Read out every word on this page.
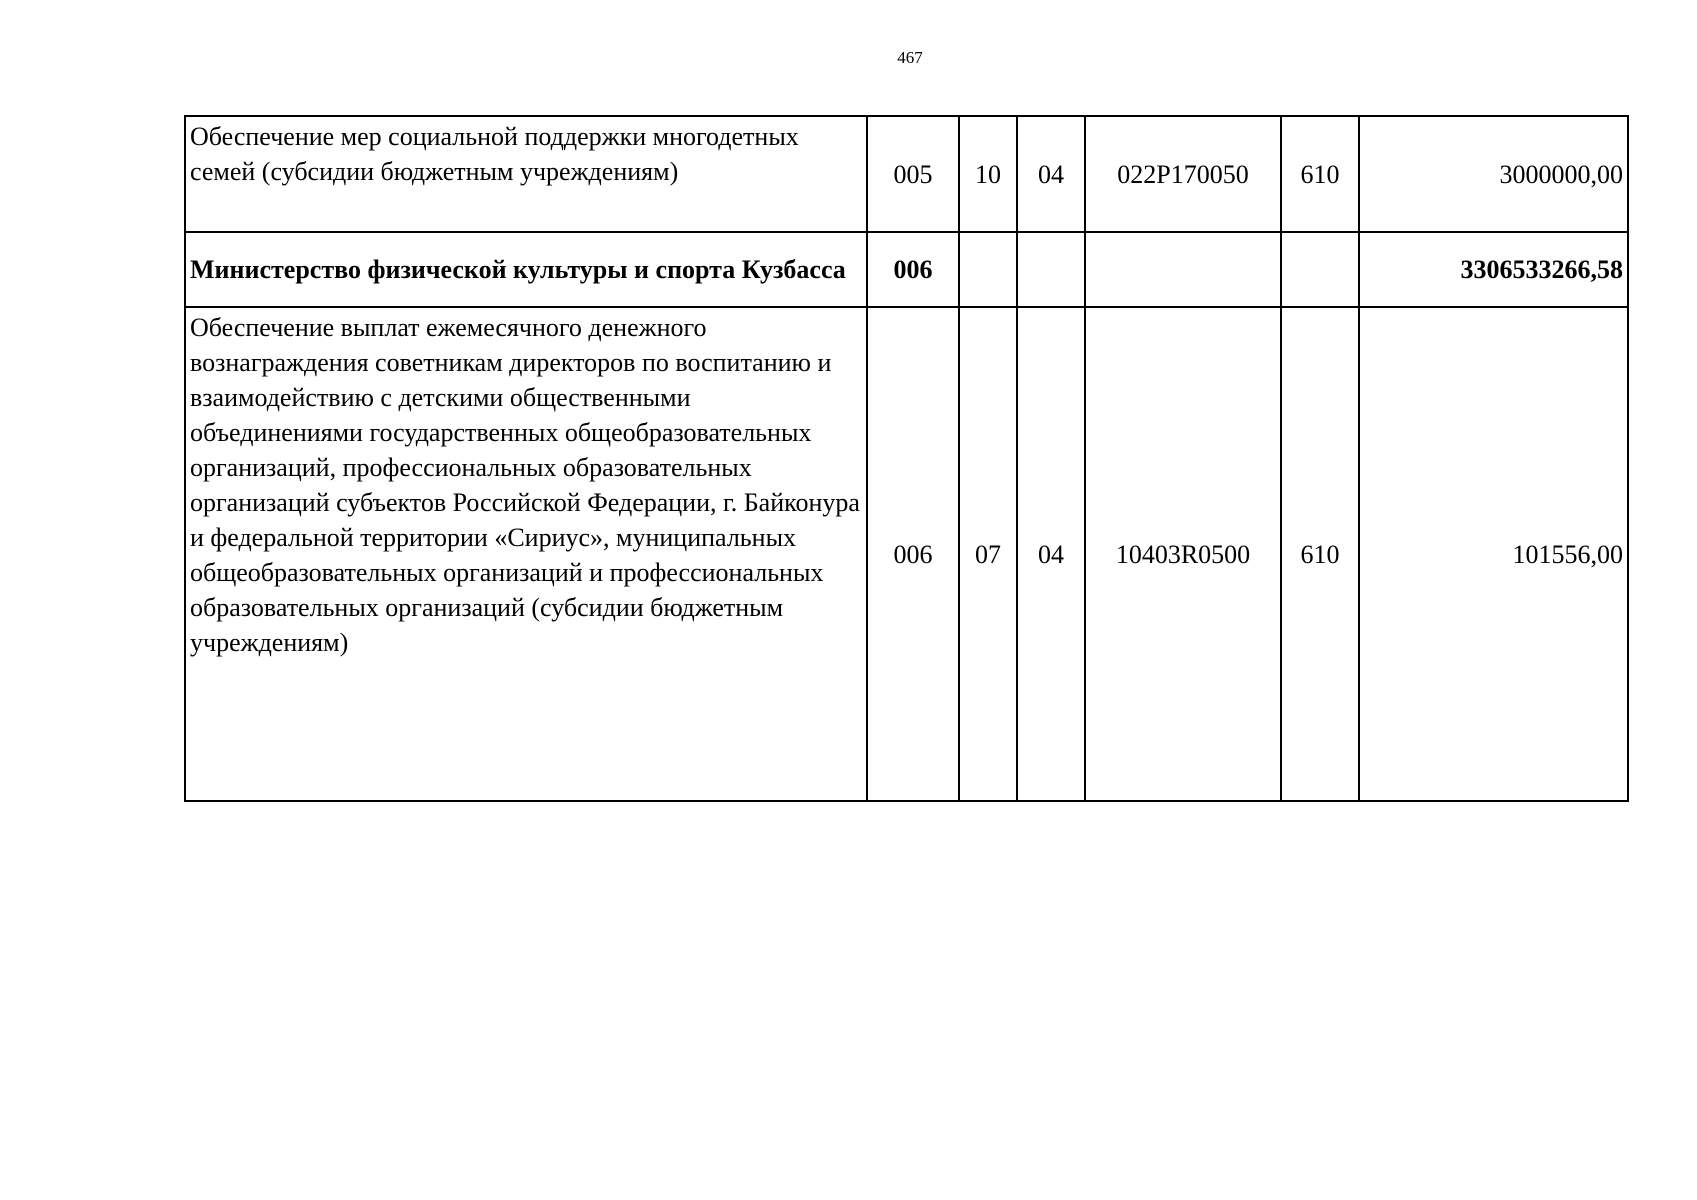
467
Обеспечение мер социальной поддержки многодетных семей (субсидии бюджетным учреждениям)	005	10	04	022P170050	610	3000000,00
Министерство физической культуры и спорта Кузбасса	006					3306533266,58
Обеспечение выплат ежемесячного денежного вознаграждения советникам директоров по воспитанию и взаимодействию с детскими общественными объединениями государственных общеобразовательных организаций, профессиональных образовательных организаций субъектов Российской Федерации, г. Байконура и федеральной территории «Сириус», муниципальных общеобразовательных организаций и профессиональных образовательных организаций (субсидии бюджетным учреждениям)	006	07	04	10403R0500	610	101556,00
